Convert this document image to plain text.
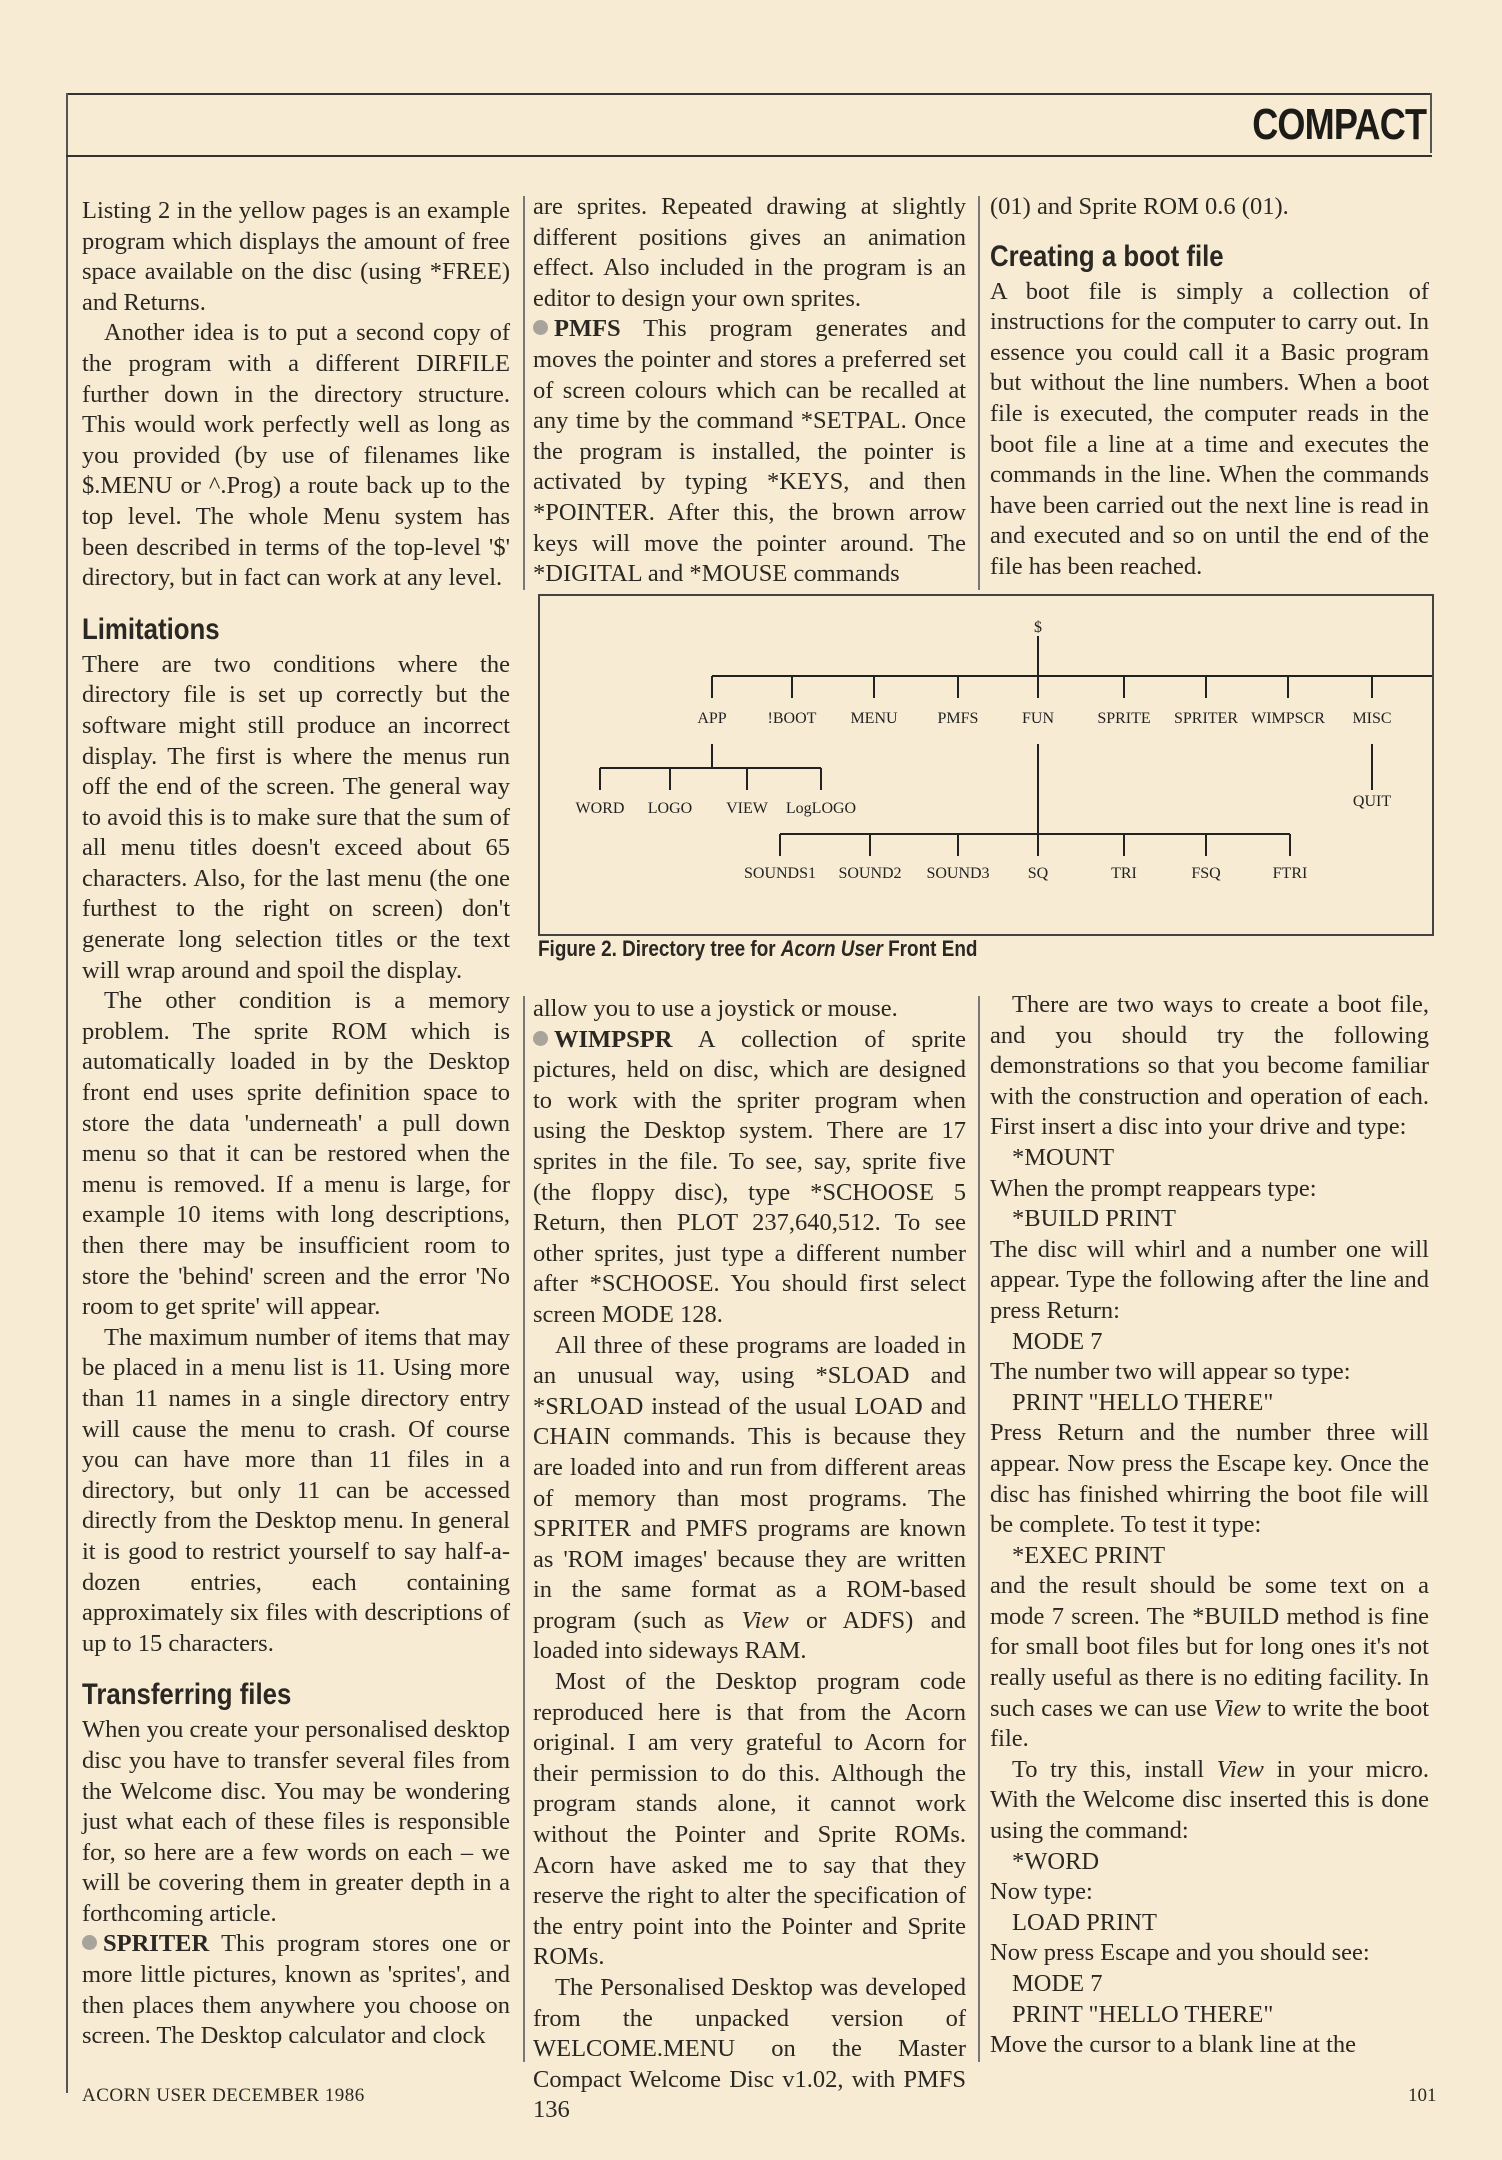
COMPACT

Listing 2 in the yellow pages is an example program which displays the amount of free space available on the disc (using *FREE) and Returns.

Another idea is to put a second copy of the program with a different DIRFILE further down in the directory structure. This would work perfectly well as long as you provided (by use of filenames like $.MENU or ^.Prog) a route back up to the top level. The whole Menu system has been described in terms of the top-level '$' directory, but in fact can work at any level.

Limitations

There are two conditions where the directory file is set up correctly but the software might still produce an incorrect display. The first is where the menus run off the end of the screen. The general way to avoid this is to make sure that the sum of all menu titles doesn't exceed about 65 characters. Also, for the last menu (the one furthest to the right on screen) don't generate long selection titles or the text will wrap around and spoil the display.

The other condition is a memory problem. The sprite ROM which is automatically loaded in by the Desktop front end uses sprite definition space to store the data 'underneath' a pull down menu so that it can be restored when the menu is removed. If a menu is large, for example 10 items with long descriptions, then there may be insufficient room to store the 'behind' screen and the error 'No room to get sprite' will appear.

The maximum number of items that may be placed in a menu list is 11. Using more than 11 names in a single directory entry will cause the menu to crash. Of course you can have more than 11 files in a directory, but only 11 can be accessed directly from the Desktop menu. In general it is good to restrict yourself to say half-a-dozen entries, each containing approximately six files with descriptions of up to 15 characters.

Transferring files

When you create your personalised desktop disc you have to transfer several files from the Welcome disc. You may be wondering just what each of these files is responsible for, so here are a few words on each – we will be covering them in greater depth in a forthcoming article.

SPRITER This program stores one or more little pictures, known as 'sprites', and then places them anywhere you choose on screen. The Desktop calculator and clock

are sprites. Repeated drawing at slightly different positions gives an animation effect. Also included in the program is an editor to design your own sprites.

PMFS This program generates and moves the pointer and stores a preferred set of screen colours which can be recalled at any time by the command *SETPAL. Once the program is installed, the pointer is activated by typing *KEYS, and then *POINTER. After this, the brown arrow keys will move the pointer around. The *DIGITAL and *MOUSE commands

(01) and Sprite ROM 0.6 (01).

Creating a boot file

A boot file is simply a collection of instructions for the computer to carry out. In essence you could call it a Basic program but without the line numbers. When a boot file is executed, the computer reads in the boot file a line at a time and executes the commands in the line. When the commands have been carried out the next line is read in and executed and so on until the end of the file has been reached.

$
APP	!BOOT MENU PMFS	FUN	SPRITE SPRITER WIMPSCR MISC
WORD LOGO VIEW LogLOGO	QUIT
SOUNDS1 SOUND2 SOUND3 SQ	TRI	FSQ	FTRI
Figure 2. Directory tree for Acorn User Front End

allow you to use a joystick or mouse.

WIMPSPR A collection of sprite pictures, held on disc, which are designed to work with the spriter program when using the Desktop system. There are 17 sprites in the file. To see, say, sprite five (the floppy disc), type *SCHOOSE 5 Return, then PLOT 237,640,512. To see other sprites, just type a different number after *SCHOOSE. You should first select screen MODE 128.

All three of these programs are loaded in an unusual way, using *SLOAD and *SRLOAD instead of the usual LOAD and CHAIN commands. This is because they are loaded into and run from different areas of memory than most programs. The SPRITER and PMFS programs are known as 'ROM images' because they are written in the same format as a ROM-based program (such as View or ADFS) and loaded into sideways RAM.

Most of the Desktop program code reproduced here is that from the Acorn original. I am very grateful to Acorn for their permission to do this. Although the program stands alone, it cannot work without the Pointer and Sprite ROMs. Acorn have asked me to say that they reserve the right to alter the specification of the entry point into the Pointer and Sprite ROMs.

The Personalised Desktop was developed from the unpacked version of WELCOME.MENU on the Master Compact Welcome Disc v1.02, with PMFS 136

There are two ways to create a boot file, and you should try the following demonstrations so that you become familiar with the construction and operation of each. First insert a disc into your drive and type:

*MOUNT

When the prompt reappears type:

*BUILD PRINT

The disc will whirl and a number one will appear. Type the following after the line and press Return:

MODE 7

The number two will appear so type:

PRINT "HELLO THERE"

Press Return and the number three will appear. Now press the Escape key. Once the disc has finished whirring the boot file will be complete. To test it type:

*EXEC PRINT

and the result should be some text on a mode 7 screen. The *BUILD method is fine for small boot files but for long ones it's not really useful as there is no editing facility. In such cases we can use View to write the boot file.

To try this, install View in your micro. With the Welcome disc inserted this is done using the command:

*WORD

Now type:

LOAD PRINT

Now press Escape and you should see:

MODE 7

PRINT "HELLO THERE"

Move the cursor to a blank line at the

ACORN USER DECEMBER 1986	101
